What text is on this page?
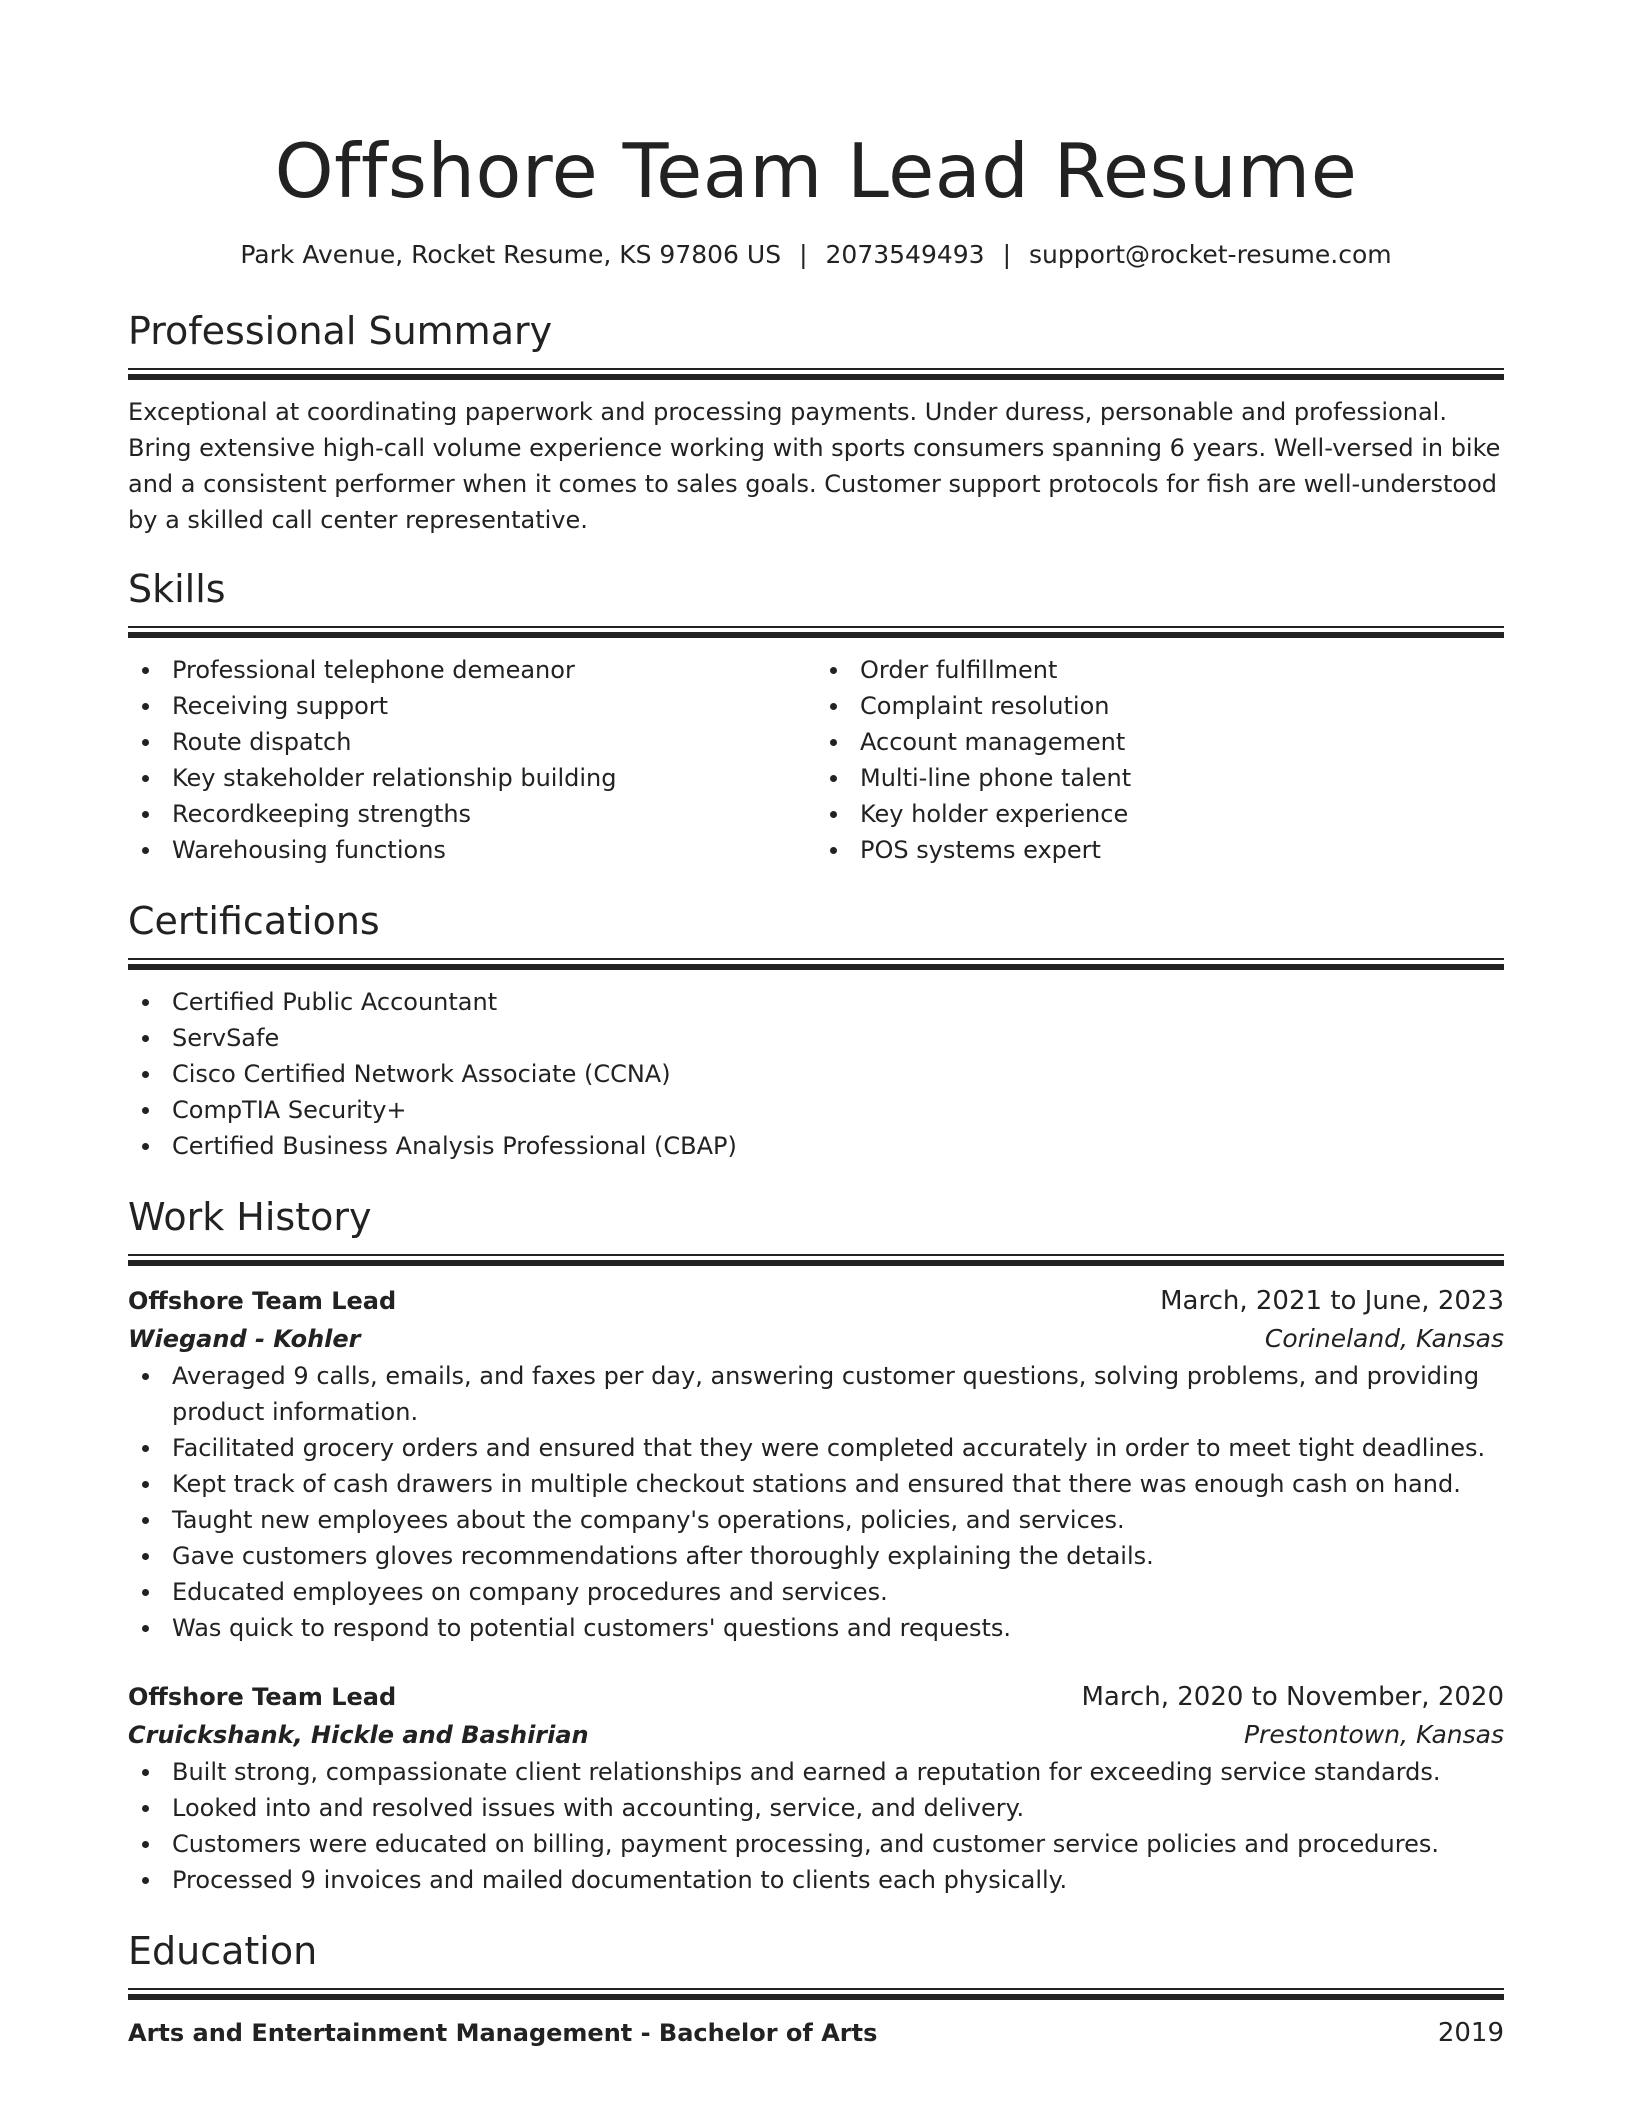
Offshore Team Lead Resume
Park Avenue, Rocket Resume, KS 97806 US | 2073549493 | support@rocket-resume.com
Professional Summary

Exceptional at coordinating paperwork and processing payments. Under duress, personable and professional. Bring extensive high-call volume experience working with sports consumers spanning 6 years. Well-versed in bike and a consistent performer when it comes to sales goals. Customer support protocols for fish are well-understood by a skilled call center representative.

Skills
Professional telephone demeanor
Receiving support
Route dispatch
Key stakeholder relationship building
Recordkeeping strengths
Warehousing functions
Order fulfillment
Complaint resolution
Account management
Multi-line phone talent
Key holder experience
POS systems expert
Certifications
Certified Public Accountant
ServSafe
Cisco Certified Network Associate (CCNA)
CompTIA Security+
Certified Business Analysis Professional (CBAP)
Work History
Offshore Team Lead	March, 2021 to June, 2023
Wiegand - Kohler	Corineland, Kansas
Averaged 9 calls, emails, and faxes per day, answering customer questions, solving problems, and providing product information.
Facilitated grocery orders and ensured that they were completed accurately in order to meet tight deadlines.
Kept track of cash drawers in multiple checkout stations and ensured that there was enough cash on hand.
Taught new employees about the company's operations, policies, and services.
Gave customers gloves recommendations after thoroughly explaining the details.
Educated employees on company procedures and services.
Was quick to respond to potential customers' questions and requests.
Offshore Team Lead	March, 2020 to November, 2020
Cruickshank, Hickle and Bashirian	Prestontown, Kansas
Built strong, compassionate client relationships and earned a reputation for exceeding service standards.
Looked into and resolved issues with accounting, service, and delivery.
Customers were educated on billing, payment processing, and customer service policies and procedures.
Processed 9 invoices and mailed documentation to clients each physically.
Education
Arts and Entertainment Management - Bachelor of Arts	2019
